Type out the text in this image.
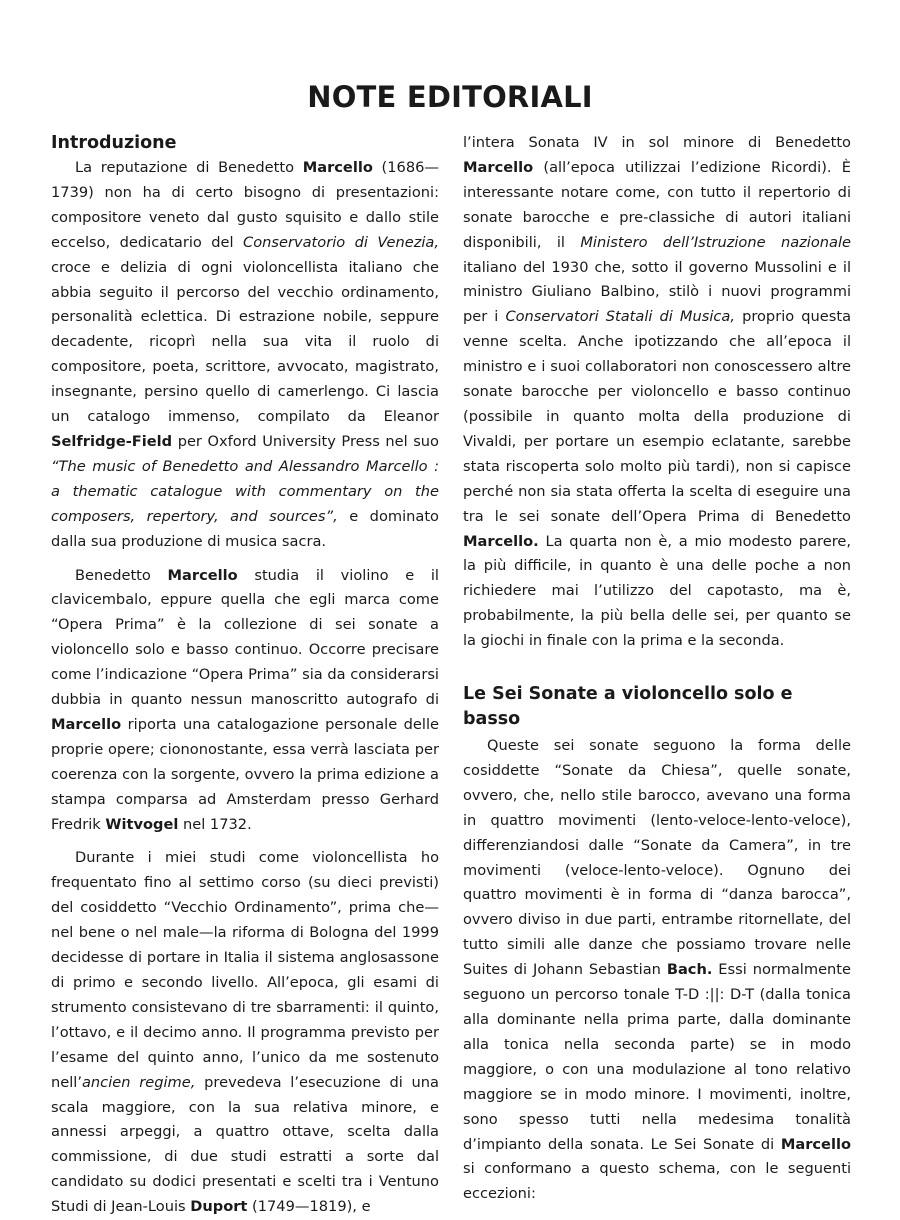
NOTE EDITORIALI
Introduzione

La reputazione di Benedetto Marcello (1686—1739) non ha di certo bisogno di presentazioni: compositore veneto dal gusto squisito e dallo stile eccelso, dedicatario del Conservatorio di Venezia, croce e delizia di ogni violoncellista italiano che abbia seguito il percorso del vecchio ordinamento, personalità eclettica. Di estrazione nobile, seppure decadente, ricoprì nella sua vita il ruolo di compositore, poeta, scrittore, avvocato, magistrato, insegnante, persino quello di camerlengo. Ci lascia un catalogo immenso, compilato da Eleanor Selfridge-Field per Oxford University Press nel suo “The music of Benedetto and Alessandro Marcello : a thematic catalogue with commentary on the composers, repertory, and sources”, e dominato dalla sua produzione di musica sacra.

Benedetto Marcello studia il violino e il clavicembalo, eppure quella che egli marca come “Opera Prima” è la collezione di sei sonate a violoncello solo e basso continuo. Occorre precisare come l’indicazione “Opera Prima” sia da considerarsi dubbia in quanto nessun manoscritto autografo di Marcello riporta una catalogazione personale delle proprie opere; ciononostante, essa verrà lasciata per coerenza con la sorgente, ovvero la prima edizione a stampa comparsa ad Amsterdam presso Gerhard Fredrik Witvogel nel 1732.

Durante i miei studi come violoncellista ho frequentato fino al settimo corso (su dieci previsti) del cosiddetto “Vecchio Ordinamento”, prima che—nel bene o nel male—la riforma di Bologna del 1999 decidesse di portare in Italia il sistema anglosassone di primo e secondo livello. All’epoca, gli esami di strumento consistevano di tre sbarramenti: il quinto, l’ottavo, e il decimo anno. Il programma previsto per l’esame del quinto anno, l’unico da me sostenuto nell’ancien regime, prevedeva l’esecuzione di una scala maggiore, con la sua relativa minore, e annessi arpeggi, a quattro ottave, scelta dalla commissione, di due studi estratti a sorte dal candidato su dodici presentati e scelti tra i Ventuno Studi di Jean-Louis Duport (1749—1819), e

l’intera Sonata IV in sol minore di Benedetto Marcello (all’epoca utilizzai l’edizione Ricordi). È interessante notare come, con tutto il repertorio di sonate barocche e pre-classiche di autori italiani disponibili, il Ministero dell’Istruzione nazionale italiano del 1930 che, sotto il governo Mussolini e il ministro Giuliano Balbino, stilò i nuovi programmi per i Conservatori Statali di Musica, proprio questa venne scelta. Anche ipotizzando che all’epoca il ministro e i suoi collaboratori non conoscessero altre sonate barocche per violoncello e basso continuo (possibile in quanto molta della produzione di Vivaldi, per portare un esempio eclatante, sarebbe stata riscoperta solo molto più tardi), non si capisce perché non sia stata offerta la scelta di eseguire una tra le sei sonate dell’Opera Prima di Benedetto Marcello. La quarta non è, a mio modesto parere, la più difficile, in quanto è una delle poche a non richiedere mai l’utilizzo del capotasto, ma è, probabilmente, la più bella delle sei, per quanto se la giochi in finale con la prima e la seconda.

Le Sei Sonate a violoncello solo e basso

Queste sei sonate seguono la forma delle cosiddette “Sonate da Chiesa”, quelle sonate, ovvero, che, nello stile barocco, avevano una forma in quattro movimenti (lento-veloce-lento-veloce), differenziandosi dalle “Sonate da Camera”, in tre movimenti (veloce-lento-veloce). Ognuno dei quattro movimenti è in forma di “danza barocca”, ovvero diviso in due parti, entrambe ritornellate, del tutto simili alle danze che possiamo trovare nelle Suites di Johann Sebastian Bach. Essi normalmente seguono un percorso tonale T-D :||: D-T (dalla tonica alla dominante nella prima parte, dalla dominante alla tonica nella seconda parte) se in modo maggiore, o con una modulazione al tono relativo maggiore se in modo minore. I movimenti, inoltre, sono spesso tutti nella medesima tonalità d’impianto della sonata. Le Sei Sonate di Marcello si conformano a questo schema, con le seguenti eccezioni:
